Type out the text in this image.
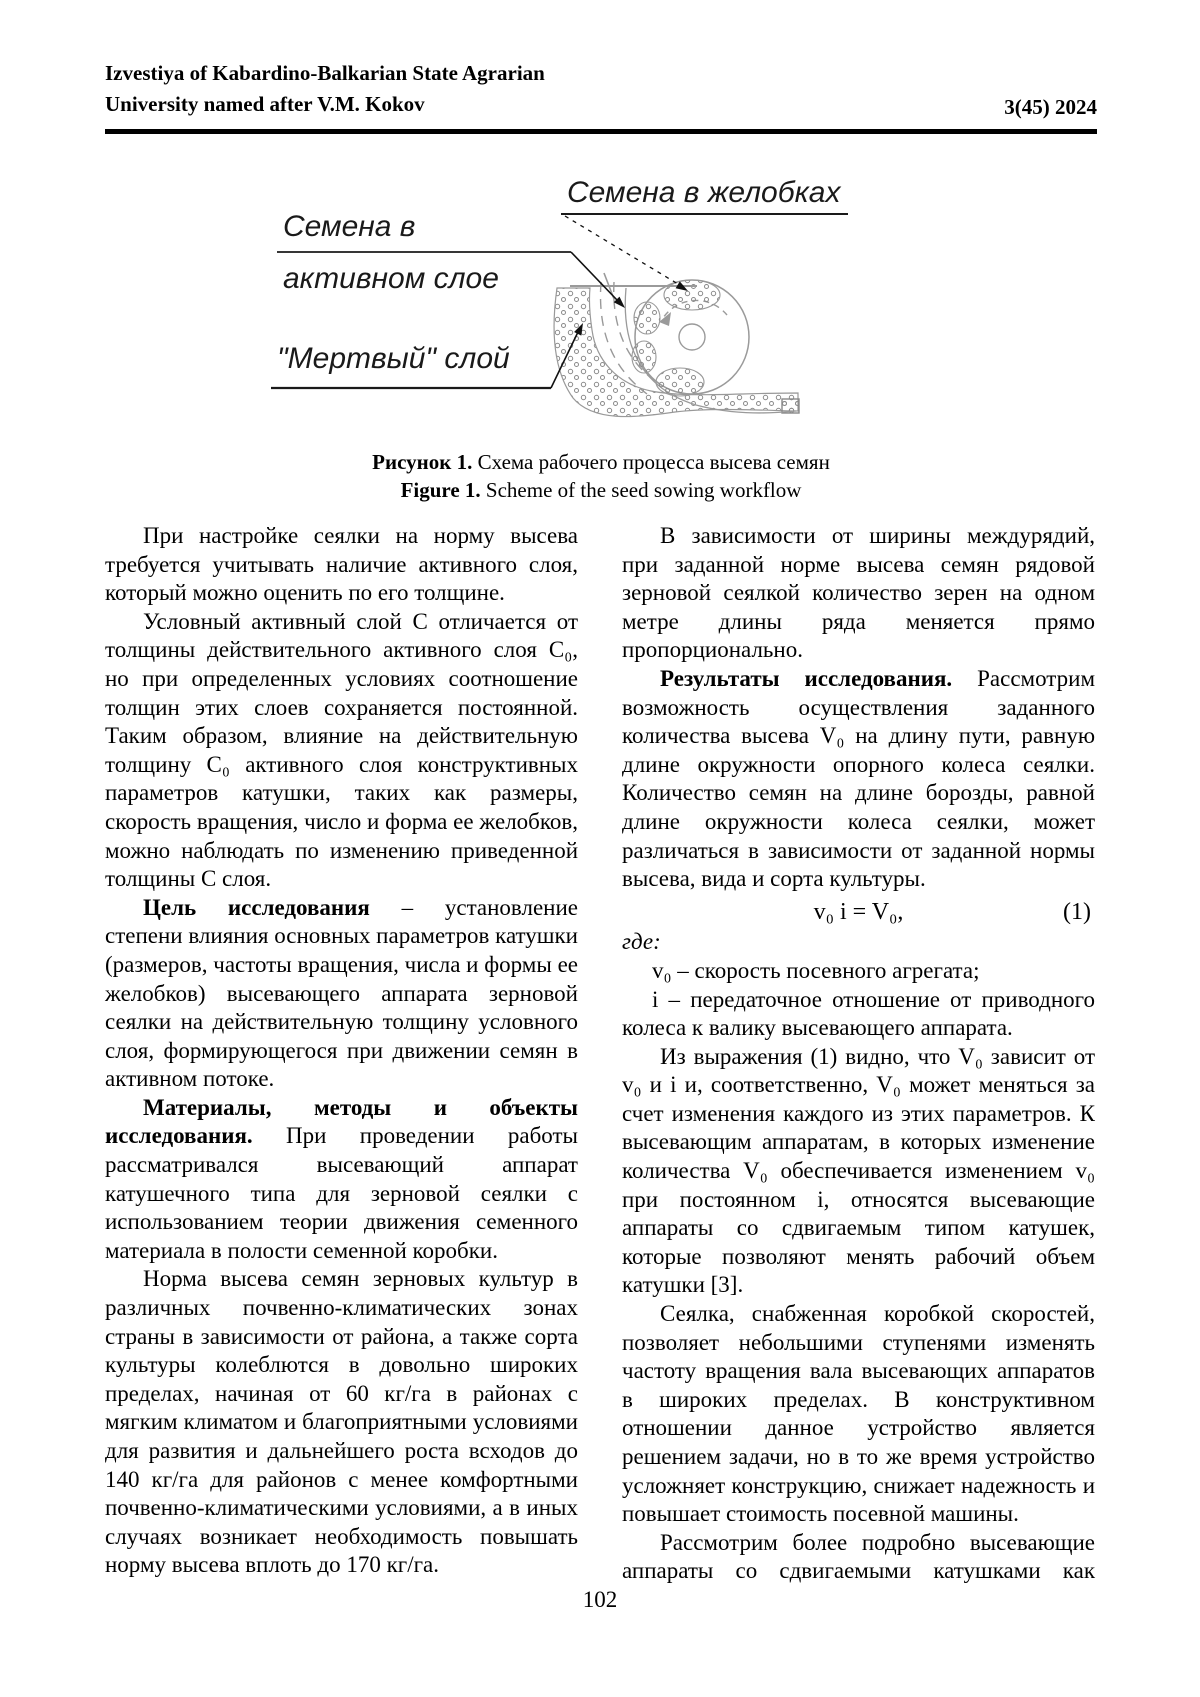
Izvestiya of Kabardino-Balkarian State Agrarian
University named after V.M. Kokov	3(45) 2024
Семена в желобках
Семена в
активном слое
"Мертвый" слой
Рисунок 1. Схема рабочего процесса высева семян
Figure 1. Scheme of the seed sowing workflow

При настройке сеялки на норму высева требуется учитывать наличие активного слоя, который можно оценить по его толщине.

Условный активный слой C отличается от толщины действительного активного слоя C₀, но при определенных условиях соотношение толщин этих слоев сохраняется постоянной. Таким образом, влияние на действительную толщину C₀ активного слоя конструктивных параметров катушки, таких как размеры, скорость вращения, число и форма ее желобков, можно наблюдать по изменению приведенной толщины C слоя.

Цель исследования – установление степени влияния основных параметров катушки (размеров, частоты вращения, числа и формы ее желобков) высевающего аппарата зерновой сеялки на действительную толщину условного слоя, формирующегося при движении семян в активном потоке.

Материалы, методы и объекты исследования. При проведении работы рассматривался высевающий аппарат катушечного типа для зерновой сеялки с использованием теории движения семенного материала в полости семенной коробки.

Норма высева семян зерновых культур в различных почвенно-климатических зонах страны в зависимости от района, а также сорта культуры колеблются в довольно широких пределах, начиная от 60 кг/га в районах с мягким климатом и благоприятными условиями для развития и дальнейшего роста всходов до 140 кг/га для районов с менее комфортными почвенно-климатическими условиями, а в иных случаях возникает необходимость повышать норму высева вплоть до 170 кг/га.

В зависимости от ширины междурядий, при заданной норме высева семян рядовой зерновой сеялкой количество зерен на одном метре длины ряда меняется прямо пропорционально.

Результаты исследования. Рассмотрим возможность осуществления заданного количества высева V₀ на длину пути, равную длине окружности опорного колеса сеялки. Количество семян на длине борозды, равной длине окружности колеса сеялки, может различаться в зависимости от заданной нормы высева, вида и сорта культуры.

v₀ i = V₀,	(1)

где:

v₀ – скорость посевного агрегата;

i – передаточное отношение от приводного колеса к валику высевающего аппарата.

Из выражения (1) видно, что V₀ зависит от v₀ и i и, соответственно, V₀ может меняться за счет изменения каждого из этих параметров. К высевающим аппаратам, в которых изменение количества V₀ обеспечивается изменением v₀ при постоянном i, относятся высевающие аппараты со сдвигаемым типом катушек, которые позволяют менять рабочий объем катушки [3].

Сеялка, снабженная коробкой скоростей, позволяет небольшими ступенями изменять частоту вращения вала высевающих аппаратов в широких пределах. В конструктивном отношении данное устройство является решением задачи, но в то же время устройство усложняет конструкцию, снижает надежность и повышает стоимость посевной машины.

Рассмотрим более подробно высевающие аппараты со сдвигаемыми катушками как

102
